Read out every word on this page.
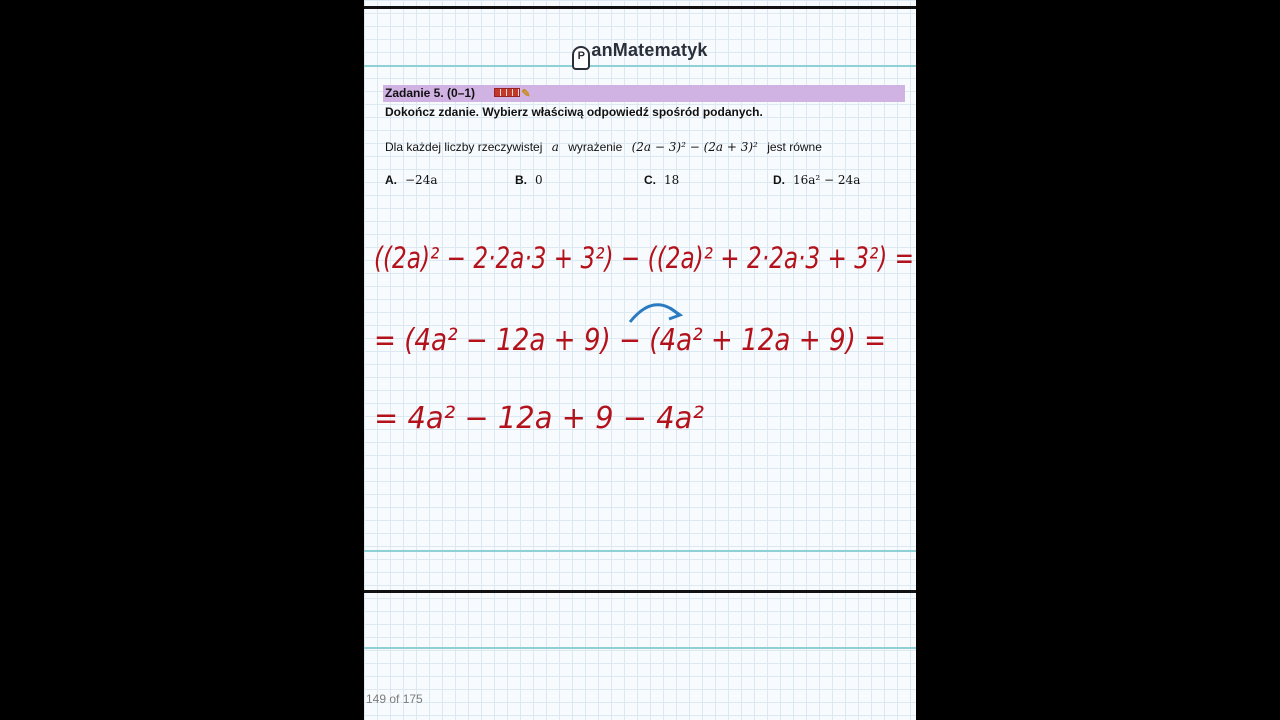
P anMatematyk
Zadanie 5. (0–1)	✎
Dokończ zdanie. Wybierz właściwą odpowiedź spośród podanych.
Dla każdej liczby rzeczywistej a wyrażenie (2a − 3)² − (2a + 3)² jest równe
A. −24a	B. 0	C. 18	D. 16a² − 24a
((2a)² − 2·2a·3 + 3²) − ((2a)² + 2·2a·3 + 3²) =
= (4a² − 12a + 9) − (4a² + 12a + 9) =
= 4a² − 12a + 9 − 4a²
149 of 175
